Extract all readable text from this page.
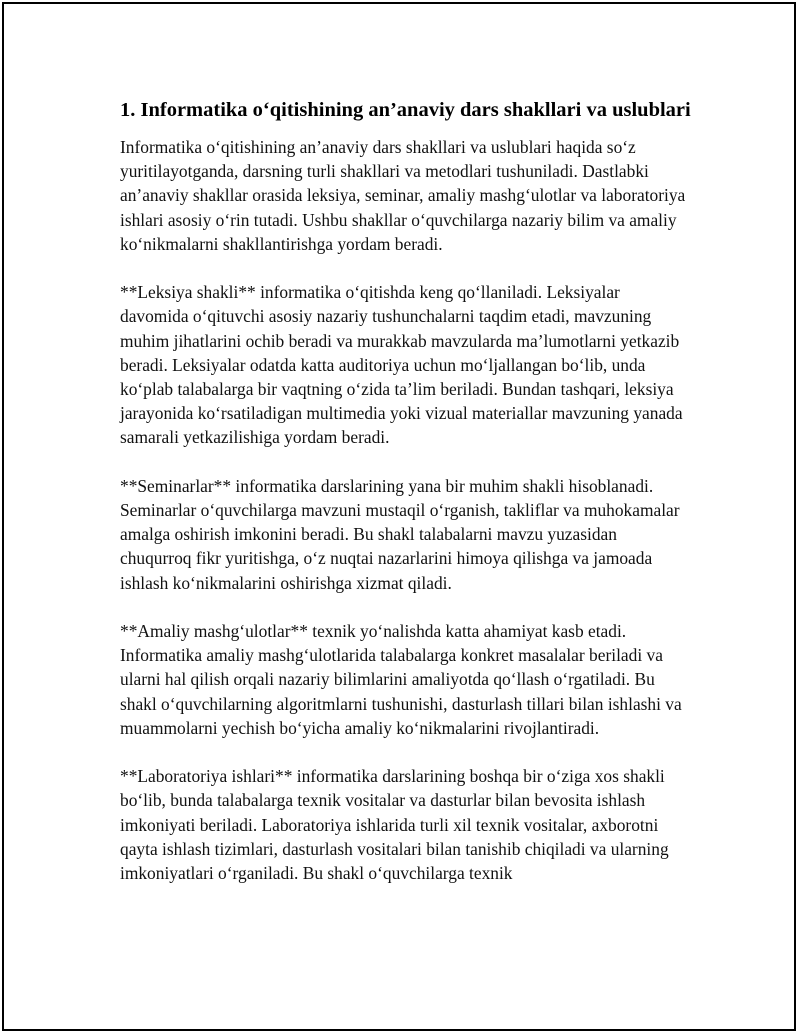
1. Informatika o‘qitishining an’anaviy dars shakllari va uslublari

Informatika o‘qitishining an’anaviy dars shakllari va uslublari haqida so‘z yuritilayotganda, darsning turli shakllari va metodlari tushuniladi. Dastlabki an’anaviy shakllar orasida leksiya, seminar, amaliy mashg‘ulotlar va laboratoriya ishlari asosiy o‘rin tutadi. Ushbu shakllar o‘quvchilarga nazariy bilim va amaliy ko‘nikmalarni shakllantirishga yordam beradi.

**Leksiya shakli** informatika o‘qitishda keng qo‘llaniladi. Leksiyalar davomida o‘qituvchi asosiy nazariy tushunchalarni taqdim etadi, mavzuning muhim jihatlarini ochib beradi va murakkab mavzularda ma’lumotlarni yetkazib beradi. Leksiyalar odatda katta auditoriya uchun mo‘ljallangan bo‘lib, unda ko‘plab talabalarga bir vaqtning o‘zida ta’lim beriladi. Bundan tashqari, leksiya jarayonida ko‘rsatiladigan multimedia yoki vizual materiallar mavzuning yanada samarali yetkazilishiga yordam beradi.

**Seminarlar** informatika darslarining yana bir muhim shakli hisoblanadi. Seminarlar o‘quvchilarga mavzuni mustaqil o‘rganish, takliflar va muhokamalar amalga oshirish imkonini beradi. Bu shakl talabalarni mavzu yuzasidan chuqurroq fikr yuritishga, o‘z nuqtai nazarlarini himoya qilishga va jamoada ishlash ko‘nikmalarini oshirishga xizmat qiladi.

**Amaliy mashg‘ulotlar** texnik yo‘nalishda katta ahamiyat kasb etadi. Informatika amaliy mashg‘ulotlarida talabalarga konkret masalalar beriladi va ularni hal qilish orqali nazariy bilimlarini amaliyotda qo‘llash o‘rgatiladi. Bu shakl o‘quvchilarning algoritmlarni tushunishi, dasturlash tillari bilan ishlashi va muammolarni yechish bo‘yicha amaliy ko‘nikmalarini rivojlantiradi.

**Laboratoriya ishlari** informatika darslarining boshqa bir o‘ziga xos shakli bo‘lib, bunda talabalarga texnik vositalar va dasturlar bilan bevosita ishlash imkoniyati beriladi. Laboratoriya ishlarida turli xil texnik vositalar, axborotni qayta ishlash tizimlari, dasturlash vositalari bilan tanishib chiqiladi va ularning imkoniyatlari o‘rganiladi. Bu shakl o‘quvchilarga texnik
